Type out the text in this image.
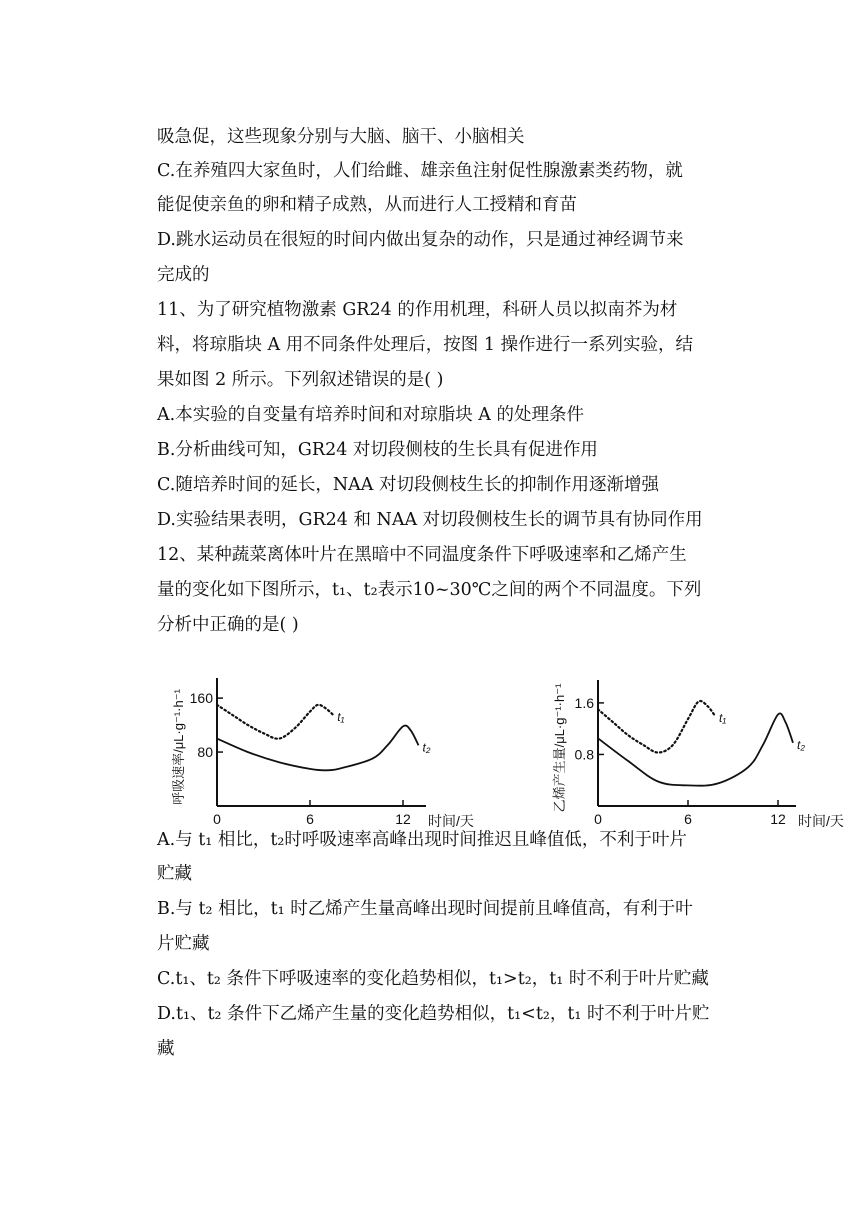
吸急促，这些现象分别与大脑、脑干、小脑相关
C.在养殖四大家鱼时，人们给雌、雄亲鱼注射促性腺激素类药物，就
能促使亲鱼的卵和精子成熟，从而进行人工授精和育苗
D.跳水运动员在很短的时间内做出复杂的动作，只是通过神经调节来
完成的
11、为了研究植物激素 GR24 的作用机理，科研人员以拟南芥为材
料，将琼脂块 A 用不同条件处理后，按图 1 操作进行一系列实验，结
果如图 2 所示。下列叙述错误的是( )
A.本实验的自变量有培养时间和对琼脂块 A 的处理条件
B.分析曲线可知，GR24 对切段侧枝的生长具有促进作用
C.随培养时间的延长，NAA 对切段侧枝生长的抑制作用逐渐增强
D.实验结果表明，GR24 和 NAA 对切段侧枝生长的调节具有协同作用
12、某种蔬菜离体叶片在黑暗中不同温度条件下呼吸速率和乙烯产生
量的变化如下图所示，t₁、t₂表示10~30℃之间的两个不同温度。下列
分析中正确的是( )
0	6	12
80
160
时间/天
呼吸速率/μL·g⁻¹·h⁻¹	t₁
t₂
0	6	12
0.8
1.6
时间/天
乙烯产生量/μL·g⁻¹·h⁻¹	t₁
t₂
A.与 t₁ 相比，t₂时呼吸速率高峰出现时间推迟且峰值低，不利于叶片
贮藏
B.与 t₂ 相比，t₁ 时乙烯产生量高峰出现时间提前且峰值高，有利于叶
片贮藏
C.t₁、t₂ 条件下呼吸速率的变化趋势相似，t₁>t₂，t₁ 时不利于叶片贮藏
D.t₁、t₂ 条件下乙烯产生量的变化趋势相似，t₁<t₂，t₁ 时不利于叶片贮
藏
